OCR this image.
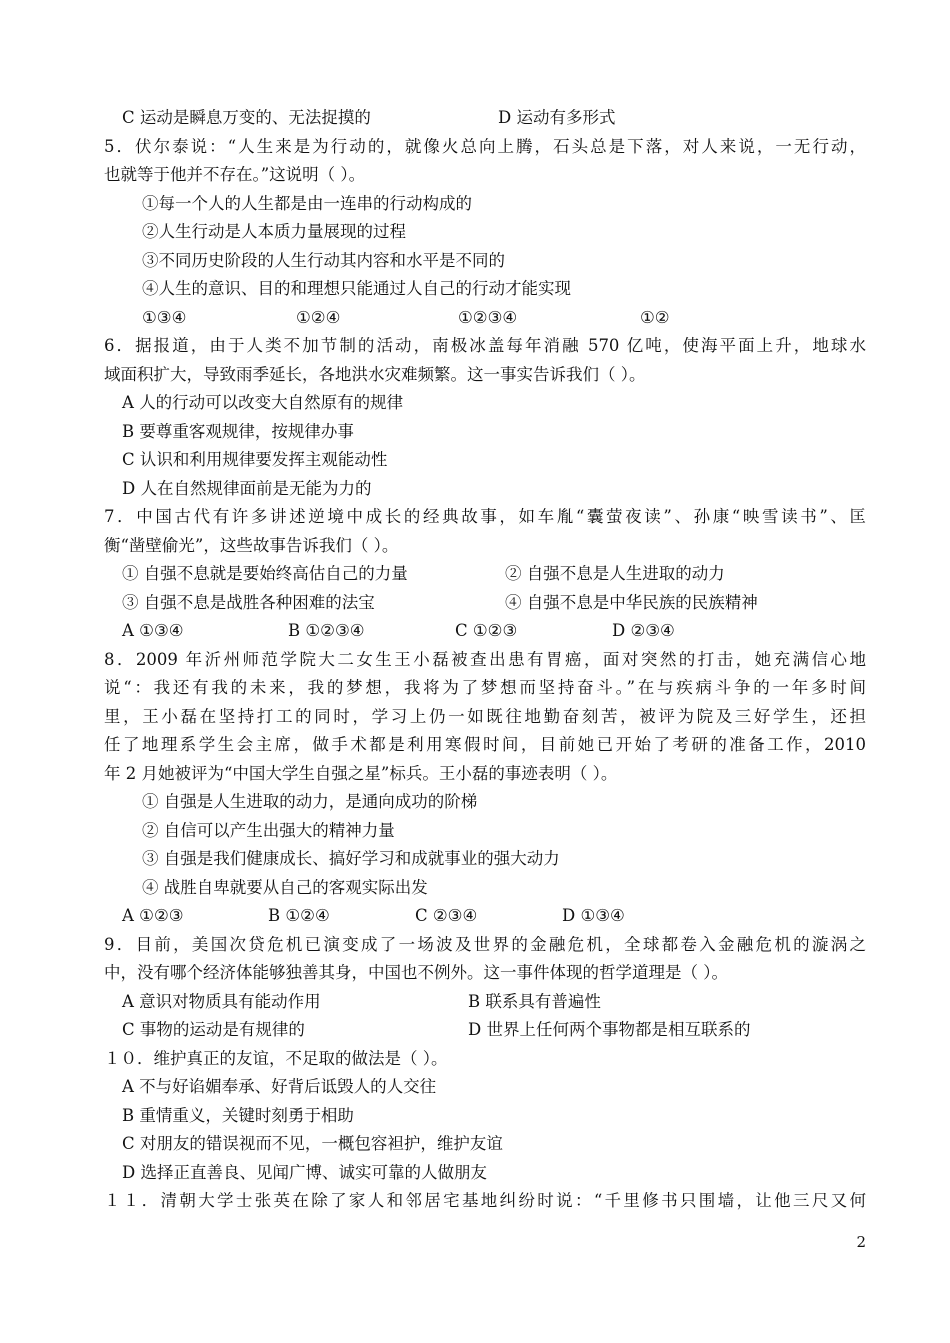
C 运动是瞬息万变的、无法捉摸的	D 运动有多形式
5．伏尔泰说：“人生来是为行动的，就像火总向上腾，石头总是下落，对人来说，一无行动，
也就等于他并不存在。”这说明（ ）。
①每一个人的人生都是由一连串的行动构成的
②人生行动是人本质力量展现的过程
③不同历史阶段的人生行动其内容和水平是不同的
④人生的意识、目的和理想只能通过人自己的行动才能实现
①③④	①②④	①②③④	①②
6．据报道，由于人类不加节制的活动，南极冰盖每年消融 570 亿吨，使海平面上升，地球水
域面积扩大，导致雨季延长，各地洪水灾难频繁。这一事实告诉我们（ ）。
A 人的行动可以改变大自然原有的规律
B 要尊重客观规律，按规律办事
C 认识和利用规律要发挥主观能动性
D 人在自然规律面前是无能为力的
7．中国古代有许多讲述逆境中成长的经典故事，如车胤“囊萤夜读”、孙康“映雪读书”、匡
衡“凿壁偷光”，这些故事告诉我们（ ）。
① 自强不息就是要始终高估自己的力量	② 自强不息是人生进取的动力
③ 自强不息是战胜各种困难的法宝	④ 自强不息是中华民族的民族精神
A ①③④	B ①②③④	C ①②③	D ②③④
8．2009 年沂州师范学院大二女生王小磊被查出患有胃癌，面对突然的打击，她充满信心地
说“：我还有我的未来，我的梦想，我将为了梦想而坚持奋斗。”在与疾病斗争的一年多时间
里，王小磊在坚持打工的同时，学习上仍一如既往地勤奋刻苦，被评为院及三好学生，还担
任了地理系学生会主席，做手术都是利用寒假时间，目前她已开始了考研的准备工作，2010
年 2 月她被评为“中国大学生自强之星”标兵。王小磊的事迹表明（ ）。
① 自强是人生进取的动力，是通向成功的阶梯
② 自信可以产生出强大的精神力量
③ 自强是我们健康成长、搞好学习和成就事业的强大动力
④ 战胜自卑就要从自己的客观实际出发
A ①②③	B ①②④	C ②③④	D ①③④
9．目前，美国次贷危机已演变成了一场波及世界的金融危机，全球都卷入金融危机的漩涡之
中，没有哪个经济体能够独善其身，中国也不例外。这一事件体现的哲学道理是（ ）。
A 意识对物质具有能动作用	B 联系具有普遍性
C 事物的运动是有规律的	D 世界上任何两个事物都是相互联系的
１０．维护真正的友谊，不足取的做法是（ ）。
A 不与好谄媚奉承、好背后诋毁人的人交往
B 重情重义，关键时刻勇于相助
C 对朋友的错误视而不见，一概包容袒护，维护友谊
D 选择正直善良、见闻广博、诚实可靠的人做朋友
１１．清朝大学士张英在除了家人和邻居宅基地纠纷时说：“千里修书只围墙，让他三尺又何
2
